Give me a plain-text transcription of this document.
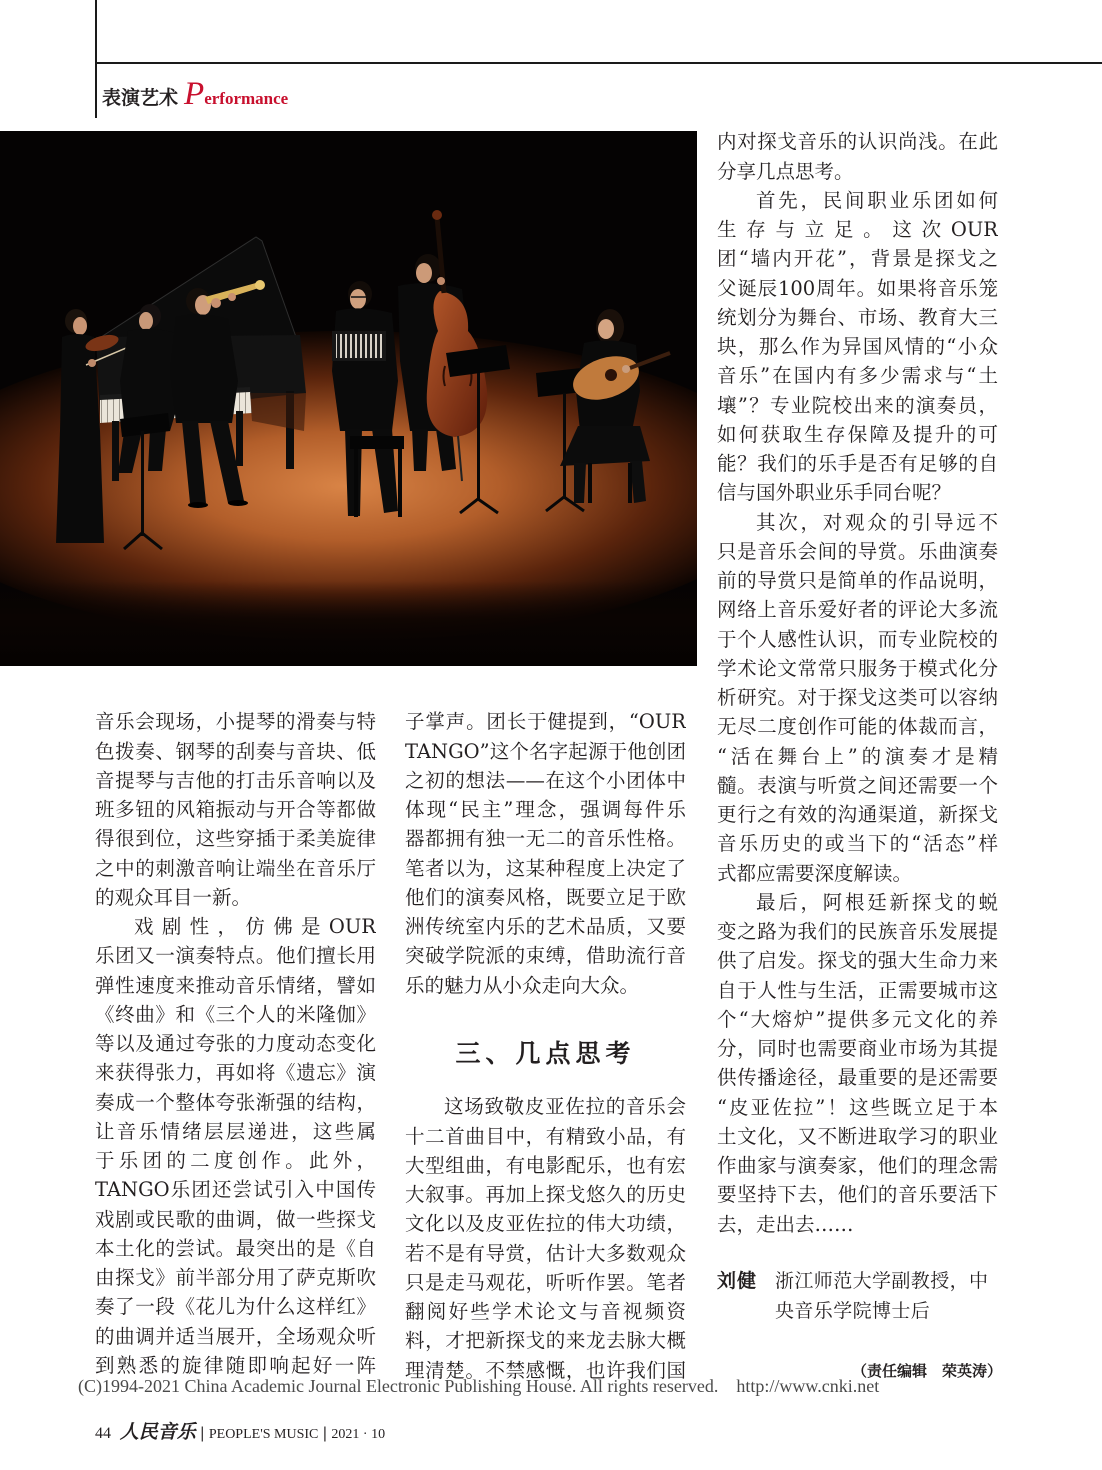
表演艺术 Performance
音乐会现场，小提琴的滑奏与特
色拨奏、钢琴的刮奏与音块、低
音提琴与吉他的打击乐音响以及
班多钮的风箱振动与开合等都做
得很到位，这些穿插于柔美旋律
之中的刺激音响让端坐在音乐厅
的观众耳目一新。
戏剧性，仿佛是OUR
乐团又一演奏特点。他们擅长用
弹性速度来推动音乐情绪，譬如
《终曲》和《三个人的米隆伽》
等以及通过夸张的力度动态变化
来获得张力，再如将《遗忘》演
奏成一个整体夸张渐强的结构，
让音乐情绪层层递进，这些属
于乐团的二度创作。此外，
TANGO乐团还尝试引入中国传
戏剧或民歌的曲调，做一些探戈
本土化的尝试。最突出的是《自
由探戈》前半部分用了萨克斯吹
奏了一段《花儿为什么这样红》
的曲调并适当展开，全场观众听
到熟悉的旋律随即响起好一阵
子掌声。团长于健提到，“OUR
TANGO”这个名字起源于他创团
之初的想法——在这个小团体中
体现“民主”理念，强调每件乐
器都拥有独一无二的音乐性格。
笔者以为，这某种程度上决定了
他们的演奏风格，既要立足于欧
洲传统室内乐的艺术品质，又要
突破学院派的束缚，借助流行音
乐的魅力从小众走向大众。
三、几点思考
这场致敬皮亚佐拉的音乐会
十二首曲目中，有精致小品，有
大型组曲，有电影配乐，也有宏
大叙事。再加上探戈悠久的历史
文化以及皮亚佐拉的伟大功绩，
若不是有导赏，估计大多数观众
只是走马观花，听听作罢。笔者
翻阅好些学术论文与音视频资
料，才把新探戈的来龙去脉大概
理清楚。不禁感慨，也许我们国
内对探戈音乐的认识尚浅。在此
分享几点思考。
首先，民间职业乐团如何
生存与立足。这次OUR
团“墙内开花”，背景是探戈之
父诞辰100周年。如果将音乐笼
统划分为舞台、市场、教育大三
块，那么作为异国风情的“小众
音乐”在国内有多少需求与“土
壤”？专业院校出来的演奏员，
如何获取生存保障及提升的可
能？我们的乐手是否有足够的自
信与国外职业乐手同台呢？
其次，对观众的引导远不
只是音乐会间的导赏。乐曲演奏
前的导赏只是简单的作品说明，
网络上音乐爱好者的评论大多流
于个人感性认识，而专业院校的
学术论文常常只服务于模式化分
析研究。对于探戈这类可以容纳
无尽二度创作可能的体裁而言，
“活在舞台上”的演奏才是精
髓。表演与听赏之间还需要一个
更行之有效的沟通渠道，新探戈
音乐历史的或当下的“活态”样
式都应需要深度解读。
最后，阿根廷新探戈的蜕
变之路为我们的民族音乐发展提
供了启发。探戈的强大生命力来
自于人性与生活，正需要城市这
个“大熔炉”提供多元文化的养
分，同时也需要商业市场为其提
供传播途径，最重要的是还需要
“皮亚佐拉”！这些既立足于本
土文化，又不断进取学习的职业
作曲家与演奏家，他们的理念需
要坚持下去，他们的音乐要活下
去，走出去……
刘健 浙江师范大学副教授，中
央音乐学院博士后
（责任编辑　荣英涛）
(C)1994-2021 China Academic Journal Electronic Publishing House. All rights reserved.    http://www.cnki.net
44 人民音乐 | PEOPLE'S MUSIC | 2021 · 10
